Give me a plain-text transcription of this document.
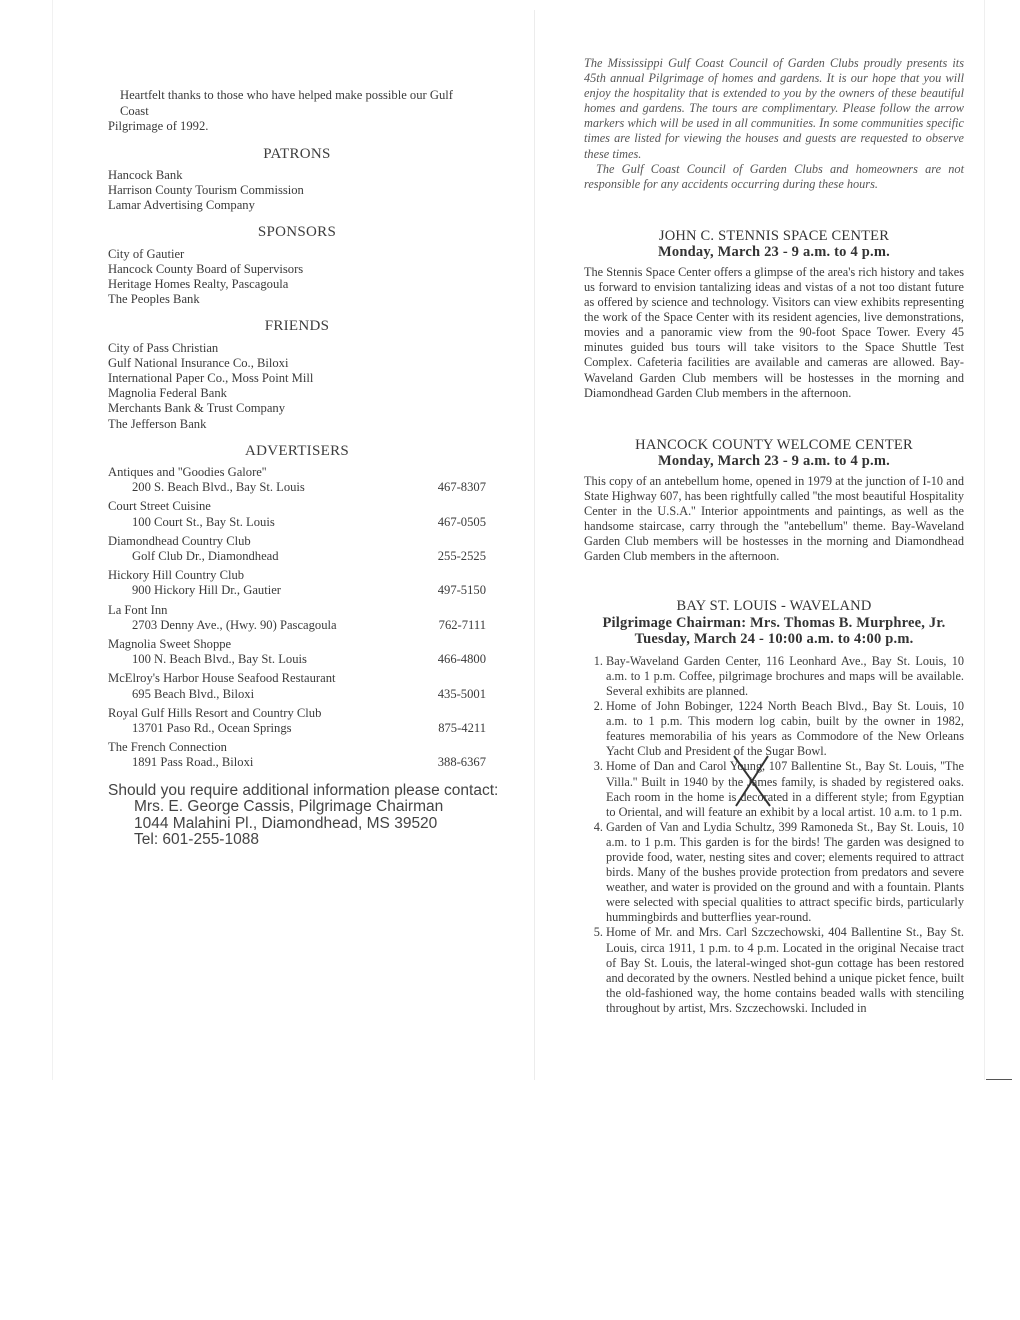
Heartfelt thanks to those who have helped make possible our Gulf Coast
Pilgrimage of 1992.
PATRONS
Hancock Bank
Harrison County Tourism Commission
Lamar Advertising Company
SPONSORS
City of Gautier
Hancock County Board of Supervisors
Heritage Homes Realty, Pascagoula
The Peoples Bank
FRIENDS
City of Pass Christian
Gulf National Insurance Co., Biloxi
International Paper Co., Moss Point Mill
Magnolia Federal Bank
Merchants Bank & Trust Company
The Jefferson Bank
ADVERTISERS
Antiques and ''Goodies Galore''
200 S. Beach Blvd., Bay St. Louis	467-8307
Court Street Cuisine
100 Court St., Bay St. Louis	467-0505
Diamondhead Country Club
Golf Club Dr., Diamondhead	255-2525
Hickory Hill Country Club
900 Hickory Hill Dr., Gautier	497-5150
La Font Inn
2703 Denny Ave., (Hwy. 90) Pascagoula	762-7111
Magnolia Sweet Shoppe
100 N. Beach Blvd., Bay St. Louis	466-4800
McElroy's Harbor House Seafood Restaurant
695 Beach Blvd., Biloxi	435-5001
Royal Gulf Hills Resort and Country Club
13701 Paso Rd., Ocean Springs	875-4211
The French Connection
1891 Pass Road., Biloxi	388-6367
Should you require additional information please contact:
Mrs. E. George Cassis, Pilgrimage Chairman
1044 Malahini Pl., Diamondhead, MS 39520
Tel: 601-255-1088

The Mississippi Gulf Coast Council of Garden Clubs proudly presents its 45th annual Pilgrimage of homes and gardens. It is our hope that you will enjoy the hospitality that is extended to you by the owners of these beautiful homes and gardens. The tours are complimentary. Please follow the arrow markers which will be used in all communities. In some communities specific times are listed for viewing the houses and guests are requested to observe these times.

The Gulf Coast Council of Garden Clubs and homeowners are not responsible for any accidents occurring during these hours.

JOHN C. STENNIS SPACE CENTER
Monday, March 23 - 9 a.m. to 4 p.m.
The Stennis Space Center offers a glimpse of the area's rich history and takes us forward to envision tantalizing ideas and vistas of a not too distant future as offered by science and technology. Visitors can view exhibits representing the work of the Space Center with its resident agencies, live demonstrations, movies and a panoramic view from the 90-foot Space Tower. Every 45 minutes guided bus tours will take visitors to the Space Shuttle Test Complex. Cafeteria facilities are available and cameras are allowed. Bay-Waveland Garden Club members will be hostesses in the morning and Diamondhead Garden Club members in the afternoon.
HANCOCK COUNTY WELCOME CENTER
Monday, March 23 - 9 a.m. to 4 p.m.
This copy of an antebellum home, opened in 1979 at the junction of I-10 and State Highway 607, has been rightfully called ''the most beautiful Hospitality Center in the U.S.A.'' Interior appointments and paintings, as well as the handsome staircase, carry through the ''antebellum'' theme. Bay-Waveland Garden Club members will be hostesses in the morning and Diamondhead Garden Club members in the afternoon.
BAY ST. LOUIS - WAVELAND
Pilgrimage Chairman: Mrs. Thomas B. Murphree, Jr.
Tuesday, March 24 - 10:00 a.m. to 4:00 p.m.
1. Bay-Waveland Garden Center, 116 Leonhard Ave., Bay St. Louis, 10 a.m. to 1 p.m. Coffee, pilgrimage brochures and maps will be available. Several exhibits are planned.
2. Home of John Bobinger, 1224 North Beach Blvd., Bay St. Louis, 10 a.m. to 1 p.m. This modern log cabin, built by the owner in 1982, features memorabilia of his years as Commodore of the New Orleans Yacht Club and President of the Sugar Bowl.
3. Home of Dan and Carol Young, 107 Ballentine St., Bay St. Louis, ''The Villa.'' Built in 1940 by the James family, is shaded by registered oaks. Each room in the home is decorated in a different style; from Egyptian to Oriental, and will feature an exhibit by a local artist. 10 a.m. to 1 p.m.
4. Garden of Van and Lydia Schultz, 399 Ramoneda St., Bay St. Louis, 10 a.m. to 1 p.m. This garden is for the birds! The garden was designed to provide food, water, nesting sites and cover; elements required to attract birds. Many of the bushes provide protection from predators and severe weather, and water is provided on the ground and with a fountain. Plants were selected with special qualities to attract specific birds, particularly hummingbirds and butterflies year-round.
5. Home of Mr. and Mrs. Carl Szczechowski, 404 Ballentine St., Bay St. Louis, circa 1911, 1 p.m. to 4 p.m. Located in the original Necaise tract of Bay St. Louis, the lateral-winged shot-gun cottage has been restored and decorated by the owners. Nestled behind a unique picket fence, built the old-fashioned way, the home contains beaded walls with stenciling throughout by artist, Mrs. Szczechowski. Included in
